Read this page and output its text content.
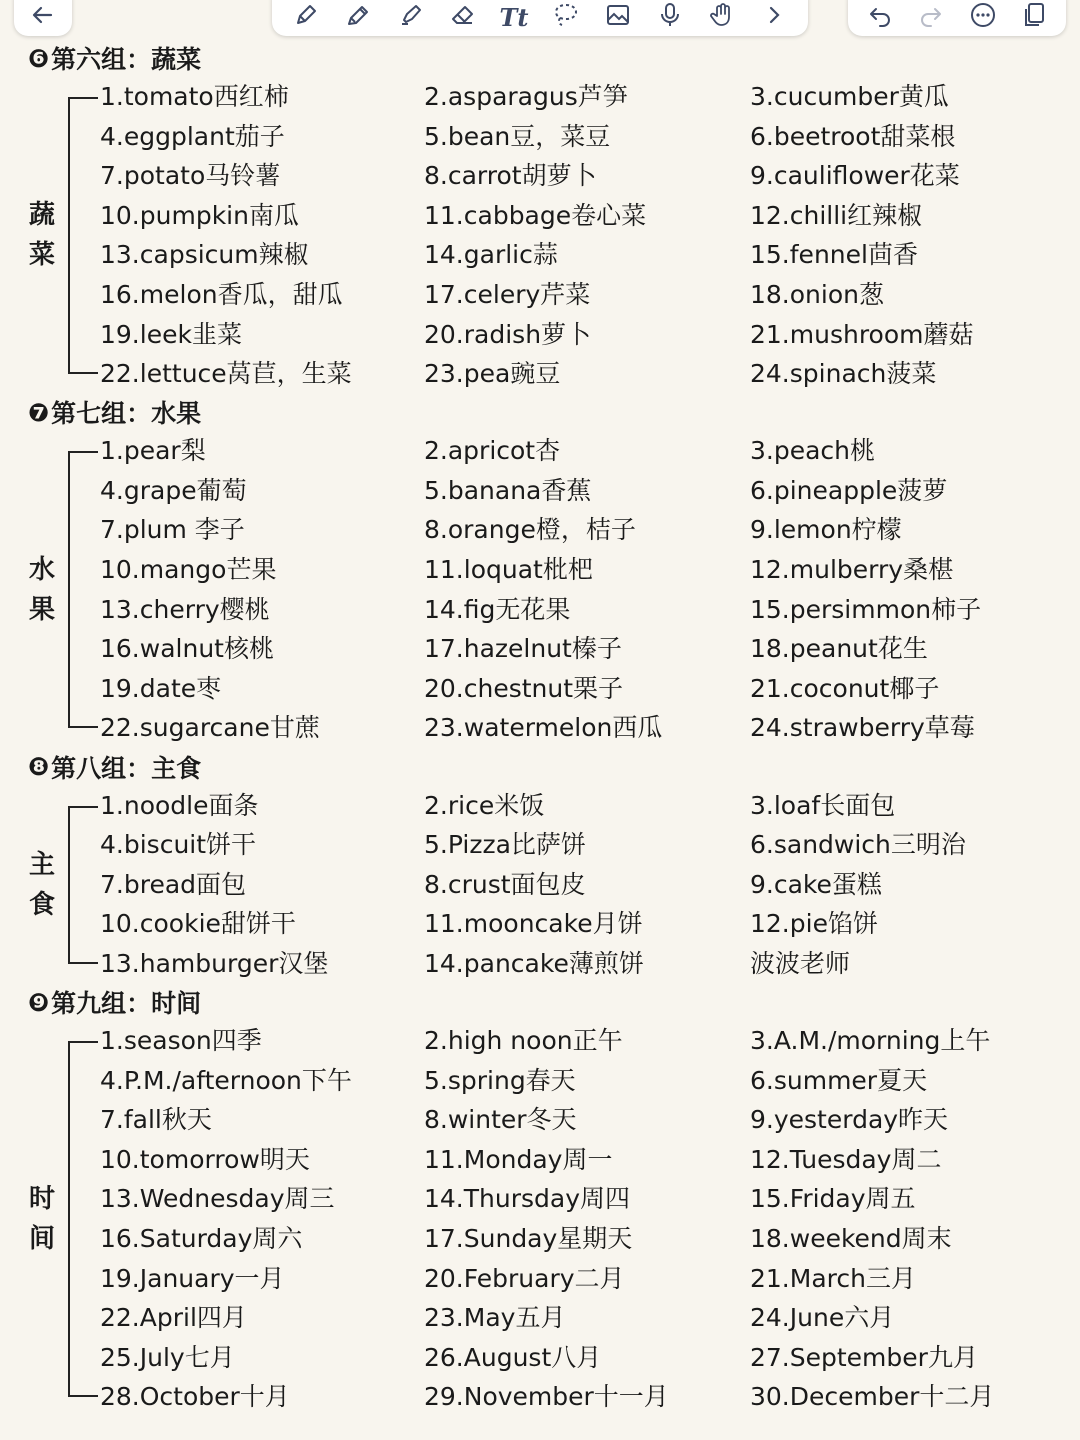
Tt
❻ 第六组：蔬菜
蔬
菜
1.tomato西红柿	2.asparagus芦笋	3.cucumber黄瓜
4.eggplant茄子	5.bean豆，菜豆	6.beetroot甜菜根
7.potato马铃薯	8.carrot胡萝卜	9.cauliflower花菜
10.pumpkin南瓜	11.cabbage卷心菜	12.chilli红辣椒
13.capsicum辣椒	14.garlic蒜	15.fennel茴香
16.melon香瓜，甜瓜	17.celery芹菜	18.onion葱
19.leek韭菜	20.radish萝卜	21.mushroom蘑菇
22.lettuce莴苣，生菜	23.pea豌豆	24.spinach菠菜
❼ 第七组：水果
水
果
1.pear梨	2.apricot杏	3.peach桃
4.grape葡萄	5.banana香蕉	6.pineapple菠萝
7.plum 李子	8.orange橙，桔子	9.lemon柠檬
10.mango芒果	11.loquat枇杷	12.mulberry桑椹
13.cherry樱桃	14.fig无花果	15.persimmon柿子
16.walnut核桃	17.hazelnut榛子	18.peanut花生
19.date枣	20.chestnut栗子	21.coconut椰子
22.sugarcane甘蔗	23.watermelon西瓜	24.strawberry草莓
❽ 第八组：主食
主
食
1.noodle面条	2.rice米饭	3.loaf长面包
4.biscuit饼干	5.Pizza比萨饼	6.sandwich三明治
7.bread面包	8.crust面包皮	9.cake蛋糕
10.cookie甜饼干	11.mooncake月饼	12.pie馅饼
13.hamburger汉堡	14.pancake薄煎饼	波波老师
❾ 第九组：时间
时
间
1.season四季	2.high noon正午	3.A.M./morning上午
4.P.M./afternoon下午	5.spring春天	6.summer夏天
7.fall秋天	8.winter冬天	9.yesterday昨天
10.tomorrow明天	11.Monday周一	12.Tuesday周二
13.Wednesday周三	14.Thursday周四	15.Friday周五
16.Saturday周六	17.Sunday星期天	18.weekend周末
19.January一月	20.February二月	21.March三月
22.April四月	23.May五月	24.June六月
25.July七月	26.August八月	27.September九月
28.October十月	29.November十一月	30.December十二月
